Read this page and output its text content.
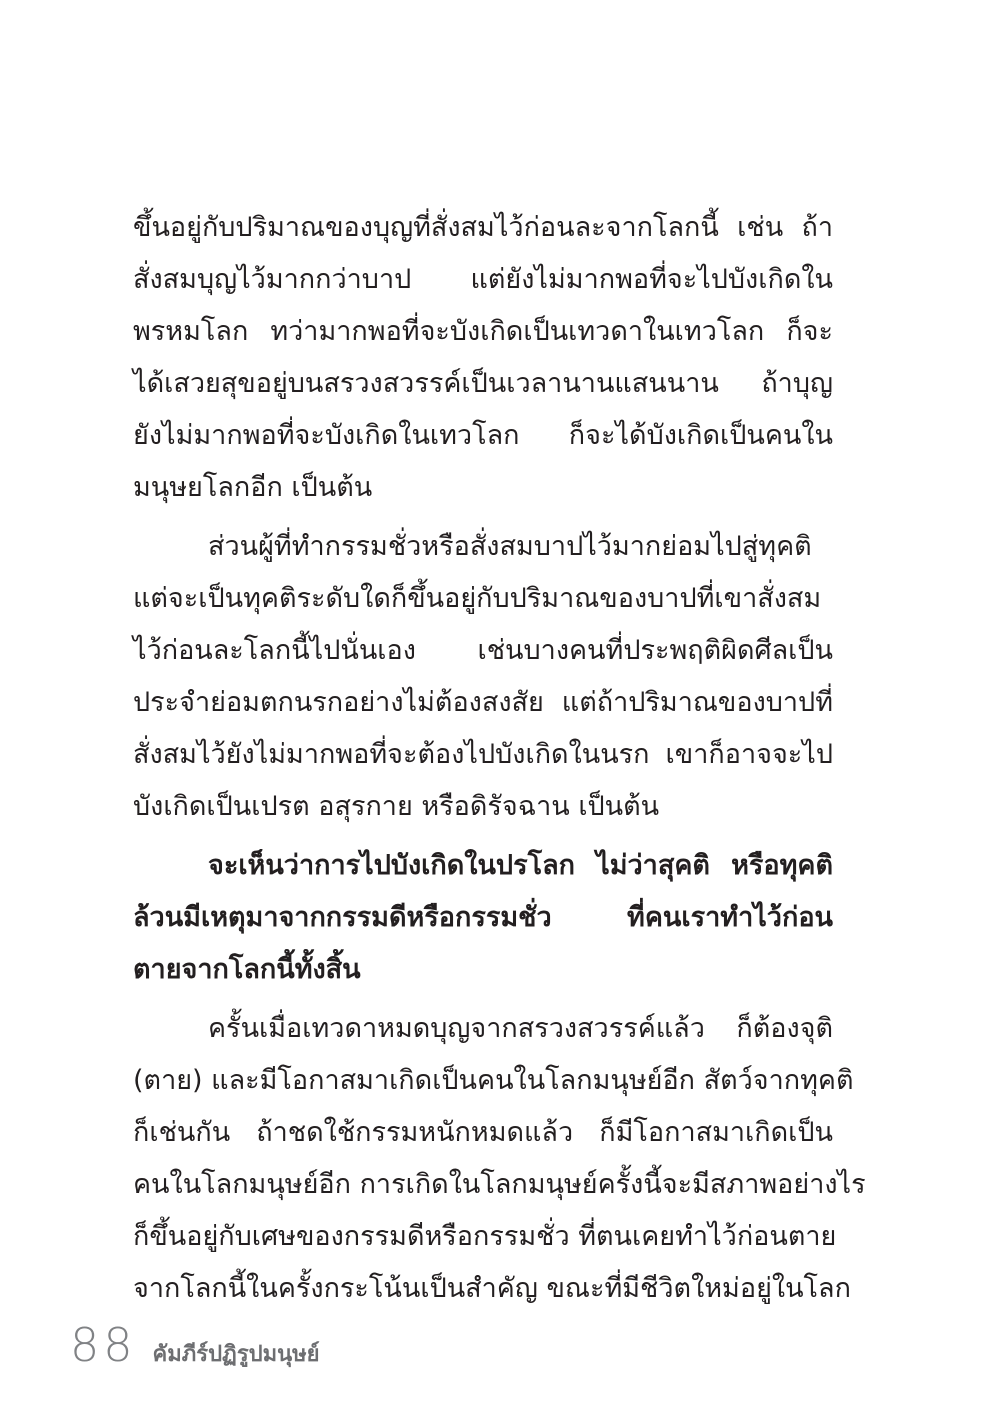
ขึ้นอยู่กับปริมาณของบุญที่สั่งสมไว้ก่อนละจากโลกนี้ เช่น ถ้า
สั่งสมบุญไว้มากกว่าบาป แต่ยังไม่มากพอที่จะไปบังเกิดใน
พรหมโลก ทว่ามากพอที่จะบังเกิดเป็นเทวดาในเทวโลก ก็จะ
ได้เสวยสุขอยู่บนสรวงสวรรค์เป็นเวลานานแสนนาน ถ้าบุญ
ยังไม่มากพอที่จะบังเกิดในเทวโลก ก็จะได้บังเกิดเป็นคนใน
มนุษยโลกอีก เป็นต้น
ส่วนผู้ที่ทำกรรมชั่วหรือสั่งสมบาปไว้มากย่อมไปสู่ทุคติ
แต่จะเป็นทุคติระดับใดก็ขึ้นอยู่กับปริมาณของบาปที่เขาสั่งสม
ไว้ก่อนละโลกนี้ไปนั่นเอง เช่นบางคนที่ประพฤติผิดศีลเป็น
ประจำย่อมตกนรกอย่างไม่ต้องสงสัย แต่ถ้าปริมาณของบาปที่
สั่งสมไว้ยังไม่มากพอที่จะต้องไปบังเกิดในนรก เขาก็อาจจะไป
บังเกิดเป็นเปรต อสุรกาย หรือดิรัจฉาน เป็นต้น
จะเห็นว่าการไปบังเกิดในปรโลก ไม่ว่าสุคติ หรือทุคติ
ล้วนมีเหตุมาจากกรรมดีหรือกรรมชั่ว ที่คนเราทำไว้ก่อน
ตายจากโลกนี้ทั้งสิ้น
ครั้นเมื่อเทวดาหมดบุญจากสรวงสวรรค์แล้ว ก็ต้องจุติ
(ตาย) และมีโอกาสมาเกิดเป็นคนในโลกมนุษย์อีก สัตว์จากทุคติ
ก็เช่นกัน ถ้าชดใช้กรรมหนักหมดแล้ว ก็มีโอกาสมาเกิดเป็น
คนในโลกมนุษย์อีก การเกิดในโลกมนุษย์ครั้งนี้จะมีสภาพอย่างไร
ก็ขึ้นอยู่กับเศษของกรรมดีหรือกรรมชั่ว ที่ตนเคยทำไว้ก่อนตาย
จากโลกนี้ในครั้งกระโน้นเป็นสำคัญ ขณะที่มีชีวิตใหม่อยู่ในโลก
88 คัมภีร์ปฏิรูปมนุษย์
